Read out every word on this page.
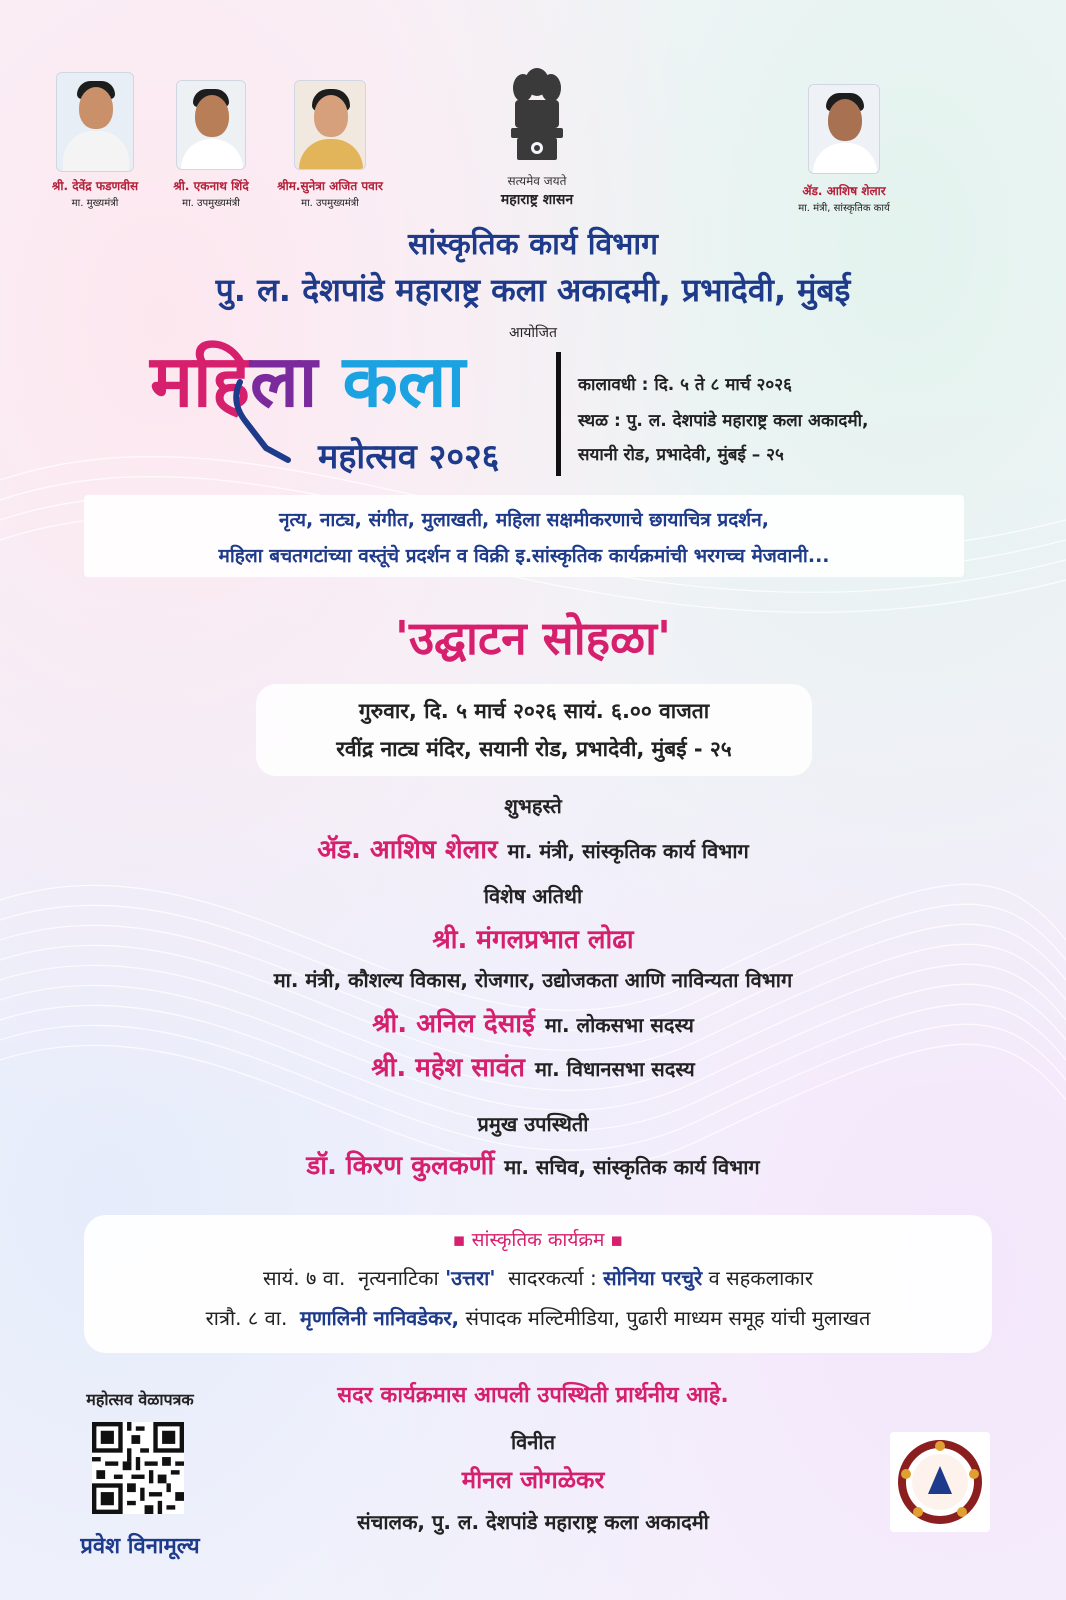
श्री. देवेंद्र फडणवीस
मा. मुख्यमंत्री
श्री. एकनाथ शिंदे
मा. उपमुख्यमंत्री
श्रीम.सुनेत्रा अजित पवार
मा. उपमुख्यमंत्री
ॲड. आशिष शेलार
मा. मंत्री, सांस्कृतिक कार्य
सत्यमेव जयते
महाराष्ट्र शासन
सांस्कृतिक कार्य विभाग
पु. ल. देशपांडे महाराष्ट्र कला अकादमी, प्रभादेवी, मुंबई
आयोजित
महिला कला
महोत्सव २०२६
कालावधी : दि. ५ ते ८ मार्च २०२६
स्थळ : पु. ल. देशपांडे महाराष्ट्र कला अकादमी,
सयानी रोड, प्रभादेवी, मुंबई – २५
नृत्य, नाट्य, संगीत, मुलाखती, महिला सक्षमीकरणाचे छायाचित्र प्रदर्शन,
महिला बचतगटांच्या वस्तूंचे प्रदर्शन व विक्री इ.सांस्कृतिक कार्यक्रमांची भरगच्च मेजवानी...
'उद्घाटन सोहळा'
गुरुवार, दि. ५ मार्च २०२६ सायं. ६.०० वाजता
रवींद्र नाट्य मंदिर, सयानी रोड, प्रभादेवी, मुंबई - २५
शुभहस्ते
ॲड. आशिष शेलार मा. मंत्री, सांस्कृतिक कार्य विभाग
विशेष अतिथी
श्री. मंगलप्रभात लोढा
मा. मंत्री, कौशल्य विकास, रोजगार, उद्योजकता आणि नाविन्यता विभाग
श्री. अनिल देसाई मा. लोकसभा सदस्य
श्री. महेश सावंत मा. विधानसभा सदस्य
प्रमुख उपस्थिती
डॉ. किरण कुलकर्णी मा. सचिव, सांस्कृतिक कार्य विभाग
▪ सांस्कृतिक कार्यक्रम ▪
सायं. ७ वा. नृत्यनाटिका 'उत्तरा' सादरकर्त्या : सोनिया परचुरे व सहकलाकार
रात्रौ. ८ वा. मृणालिनी नानिवडेकर, संपादक मल्टिमीडिया, पुढारी माध्यम समूह यांची मुलाखत
सदर कार्यक्रमास आपली उपस्थिती प्रार्थनीय आहे.
विनीत
मीनल जोगळेकर
संचालक, पु. ल. देशपांडे महाराष्ट्र कला अकादमी
महोत्सव वेळापत्रक
प्रवेश विनामूल्य
